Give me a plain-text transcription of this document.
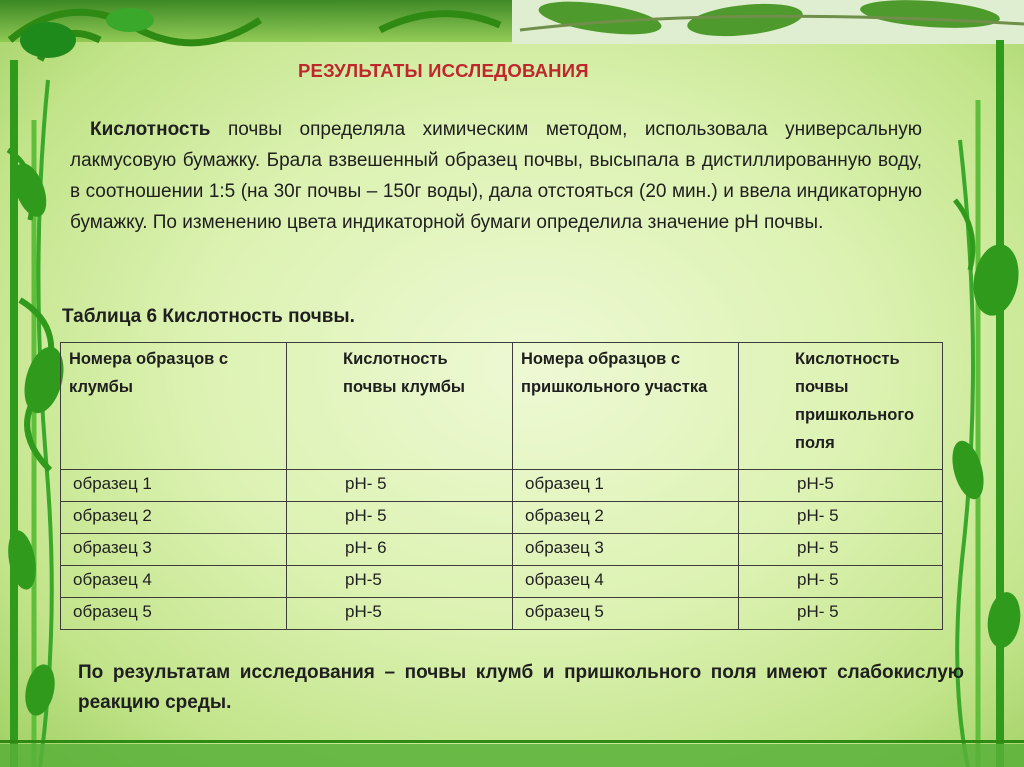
РЕЗУЛЬТАТЫ ИССЛЕДОВАНИЯ
Кислотность почвы определяла химическим методом, использовала универсальную лакмусовую бумажку. Брала взвешенный образец почвы, высыпала в дистиллированную воду, в соотношении 1:5 (на 30г почвы – 150г воды), дала отстояться (20 мин.) и ввела индикаторную бумажку. По изменению цвета индикаторной бумаги определила значение pH почвы.
Таблица 6 Кислотность почвы.
Номера образцов с клумбы	Кислотность почвы клумбы	Номера образцов с пришкольного участка	Кислотность почвы пришкольного поля
образец 1	pH- 5	образец 1	pH-5
образец 2	pH- 5	образец 2	pH- 5
образец 3	pH- 6	образец 3	pH- 5
образец 4	pH-5	образец 4	pH- 5
образец 5	pH-5	образец 5	pH- 5
По результатам исследования – почвы клумб и пришкольного поля имеют слабокислую реакцию среды.
